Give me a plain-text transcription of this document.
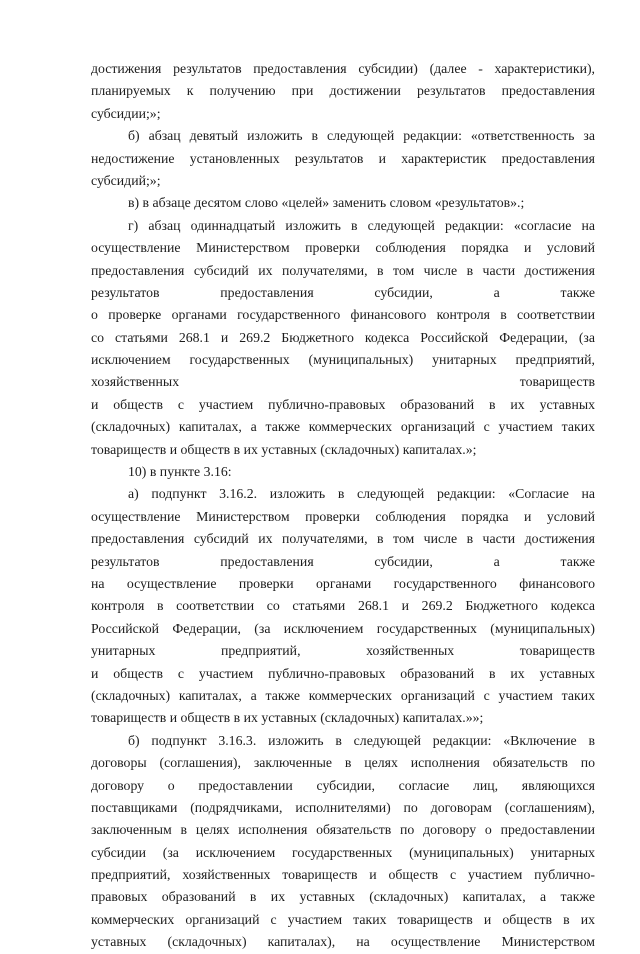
достижения результатов предоставления субсидии) (далее - характеристики),
планируемых к получению при достижении результатов предоставления
субсидии;»;
б) абзац девятый изложить в следующей редакции: «ответственность за
недостижение установленных результатов и характеристик предоставления
субсидий;»;
в) в абзаце десятом слово «целей» заменить словом «результатов».;
г) абзац одиннадцатый изложить в следующей редакции: «согласие на
осуществление Министерством проверки соблюдения порядка и условий
предоставления субсидий их получателями, в том числе в части достижения
результатов предоставления субсидии, а также
о проверке органами государственного финансового контроля в соответствии
со статьями 268.1 и 269.2 Бюджетного кодекса Российской Федерации, (за
исключением государственных (муниципальных) унитарных предприятий,
хозяйственных товариществ
и обществ с участием публично-правовых образований в их уставных
(складочных) капиталах, а также коммерческих организаций с участием таких
товариществ и обществ в их уставных (складочных) капиталах.»;
10) в пункте 3.16:
а) подпункт 3.16.2. изложить в следующей редакции: «Согласие на
осуществление Министерством проверки соблюдения порядка и условий
предоставления субсидий их получателями, в том числе в части достижения
результатов предоставления субсидии, а также
на осуществление проверки органами государственного финансового
контроля в соответствии со статьями 268.1 и 269.2 Бюджетного кодекса
Российской Федерации, (за исключением государственных (муниципальных)
унитарных предприятий, хозяйственных товариществ
и обществ с участием публично-правовых образований в их уставных
(складочных) капиталах, а также коммерческих организаций с участием таких
товариществ и обществ в их уставных (складочных) капиталах.»»;
б) подпункт 3.16.3. изложить в следующей редакции: «Включение в
договоры (соглашения), заключенные в целях исполнения обязательств по
договору о предоставлении субсидии, согласие лиц, являющихся
поставщиками (подрядчиками, исполнителями) по договорам (соглашениям),
заключенным в целях исполнения обязательств по договору о предоставлении
субсидии (за исключением государственных (муниципальных) унитарных
предприятий, хозяйственных товариществ и обществ с участием публично-
правовых образований в их уставных (складочных) капиталах, а также
коммерческих организаций с участием таких товариществ и обществ в их
уставных (складочных) капиталах), на осуществление Министерством
